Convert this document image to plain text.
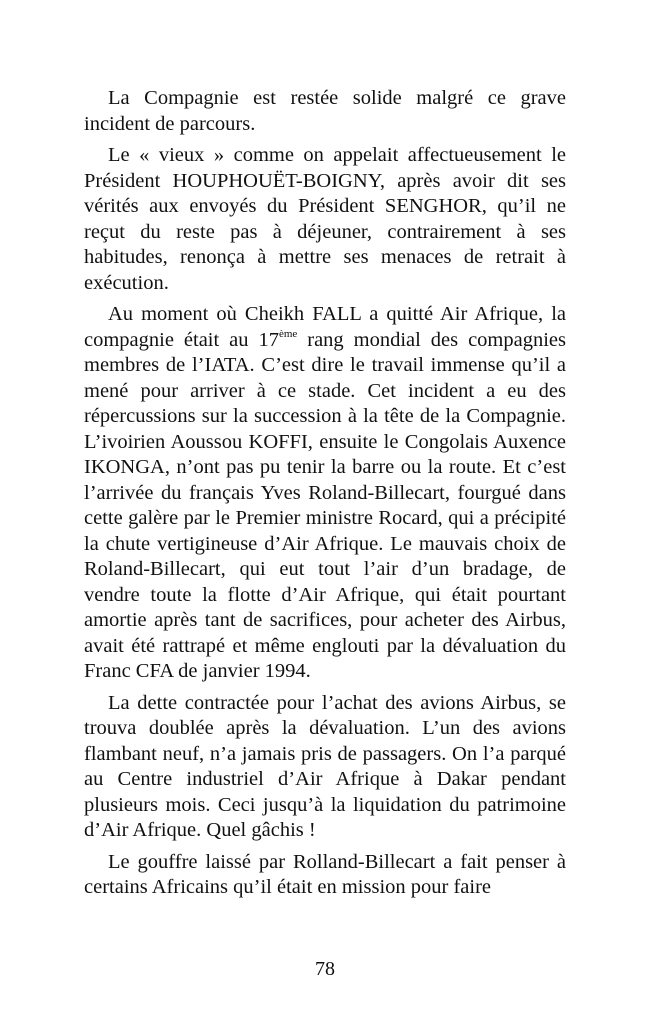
La Compagnie est restée solide malgré ce grave incident de parcours.

Le « vieux » comme on appelait affectueusement le Président HOUPHOUËT-BOIGNY, après avoir dit ses vérités aux envoyés du Président SENGHOR, qu’il ne reçut du reste pas à déjeuner, contrairement à ses habitudes, renonça à mettre ses menaces de retrait à exécution.

Au moment où Cheikh FALL a quitté Air Afrique, la compagnie était au 17ème rang mondial des compagnies membres de l’IATA. C’est dire le travail immense qu’il a mené pour arriver à ce stade. Cet incident a eu des répercussions sur la succession à la tête de la Compagnie. L’ivoirien Aoussou KOFFI, ensuite le Congolais Auxence IKONGA, n’ont pas pu tenir la barre ou la route. Et c’est l’arrivée du français Yves Roland-Billecart, fourgué dans cette galère par le Premier ministre Rocard, qui a précipité la chute vertigineuse d’Air Afrique. Le mauvais choix de Roland-Billecart, qui eut tout l’air d’un bradage, de vendre toute la flotte d’Air Afrique, qui était pourtant amortie après tant de sacrifices, pour acheter des Airbus, avait été rattrapé et même englouti par la dévaluation du Franc CFA de janvier 1994.

La dette contractée pour l’achat des avions Airbus, se trouva doublée après la dévaluation. L’un des avions flambant neuf, n’a jamais pris de passagers. On l’a parqué au Centre industriel d’Air Afrique à Dakar pendant plusieurs mois. Ceci jusqu’à la liquidation du patrimoine d’Air Afrique. Quel gâchis !

Le gouffre laissé par Rolland-Billecart a fait penser à certains Africains qu’il était en mission pour faire

78
